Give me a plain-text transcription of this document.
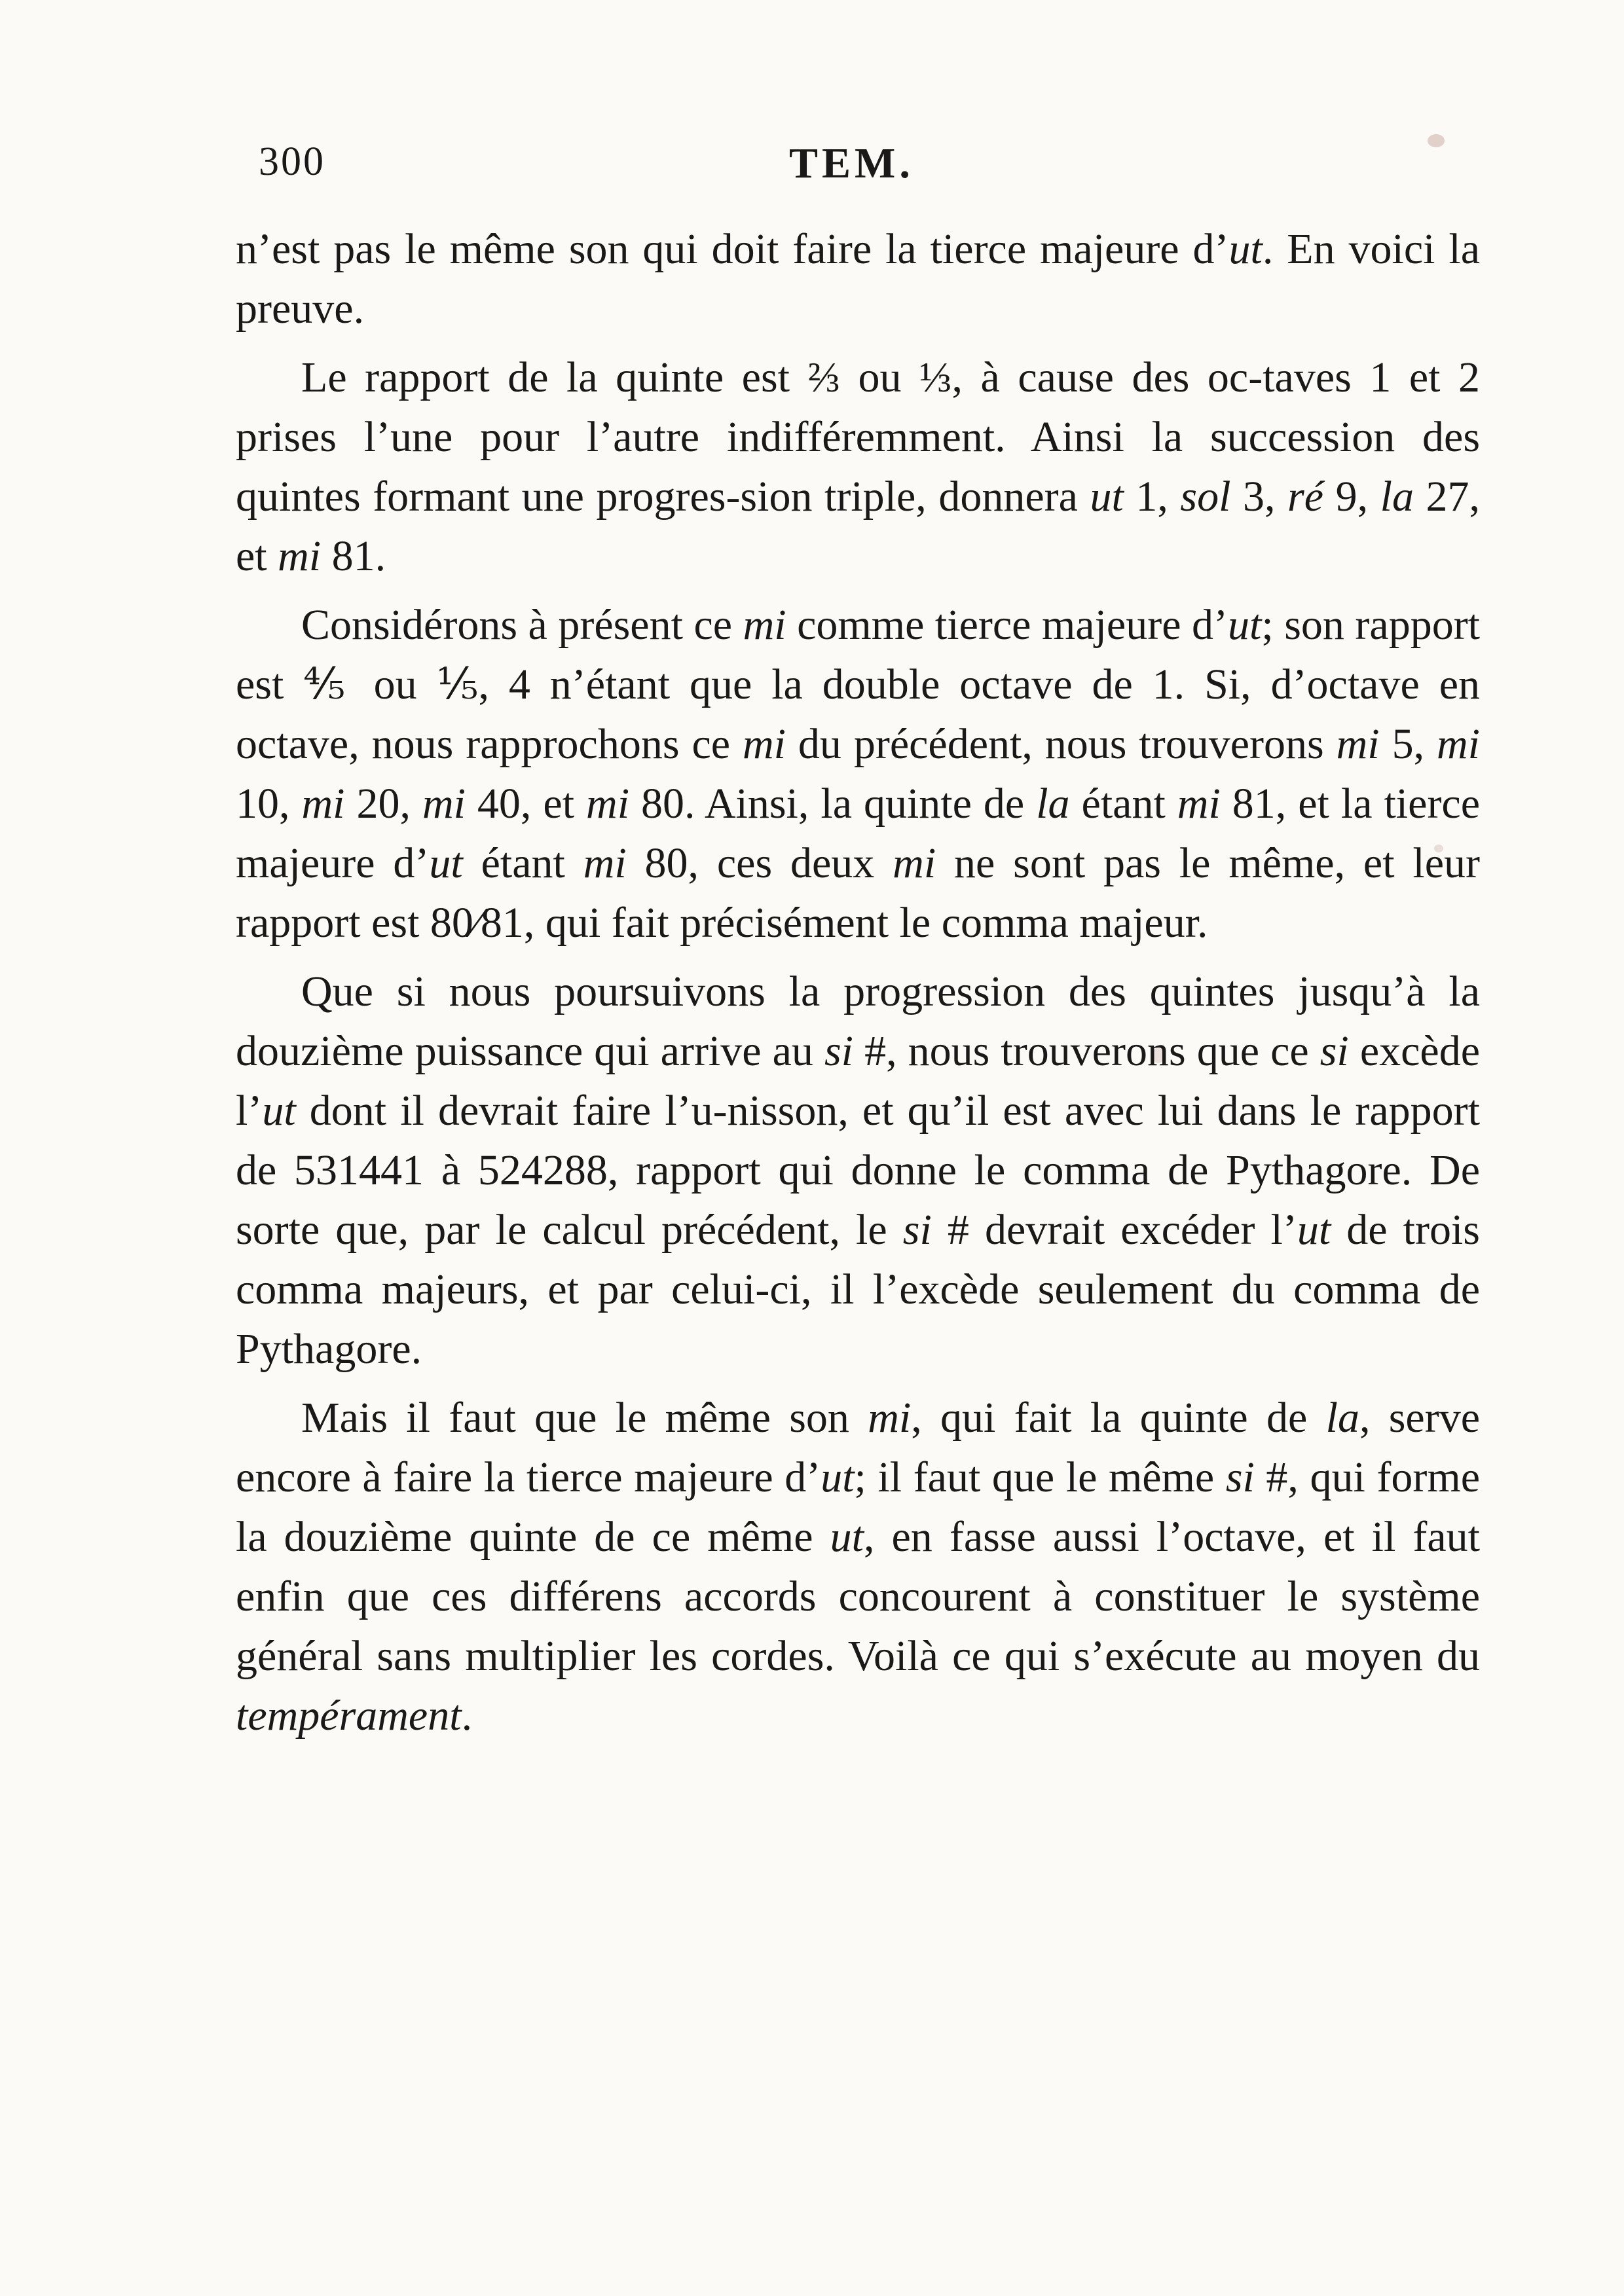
300	TEM.

n’est pas le même son qui doit faire la tierce majeure d’ut. En voici la preuve.

Le rapport de la quinte est ⅔ ou ⅓, à cause des oc-taves 1 et 2 prises l’une pour l’autre indifféremment. Ainsi la succession des quintes formant une progres-sion triple, donnera ut 1, sol 3, ré 9, la 27, et mi 81.

Considérons à présent ce mi comme tierce majeure d’ut; son rapport est ⅘ ou ⅕, 4 n’étant que la double octave de 1. Si, d’octave en octave, nous rapprochons ce mi du précédent, nous trouverons mi 5, mi 10, mi 20, mi 40, et mi 80. Ainsi, la quinte de la étant mi 81, et la tierce majeure d’ut étant mi 80, ces deux mi ne sont pas le même, et leur rapport est 80⁄81, qui fait précisément le comma majeur.

Que si nous poursuivons la progression des quintes jusqu’à la douzième puissance qui arrive au si #, nous trouverons que ce si excède l’ut dont il devrait faire l’u-nisson, et qu’il est avec lui dans le rapport de 531441 à 524288, rapport qui donne le comma de Pythagore. De sorte que, par le calcul précédent, le si # devrait excéder l’ut de trois comma majeurs, et par celui-ci, il l’excède seulement du comma de Pythagore.

Mais il faut que le même son mi, qui fait la quinte de la, serve encore à faire la tierce majeure d’ut; il faut que le même si #, qui forme la douzième quinte de ce même ut, en fasse aussi l’octave, et il faut enfin que ces différens accords concourent à constituer le système général sans multiplier les cordes. Voilà ce qui s’exécute au moyen du tempérament.
